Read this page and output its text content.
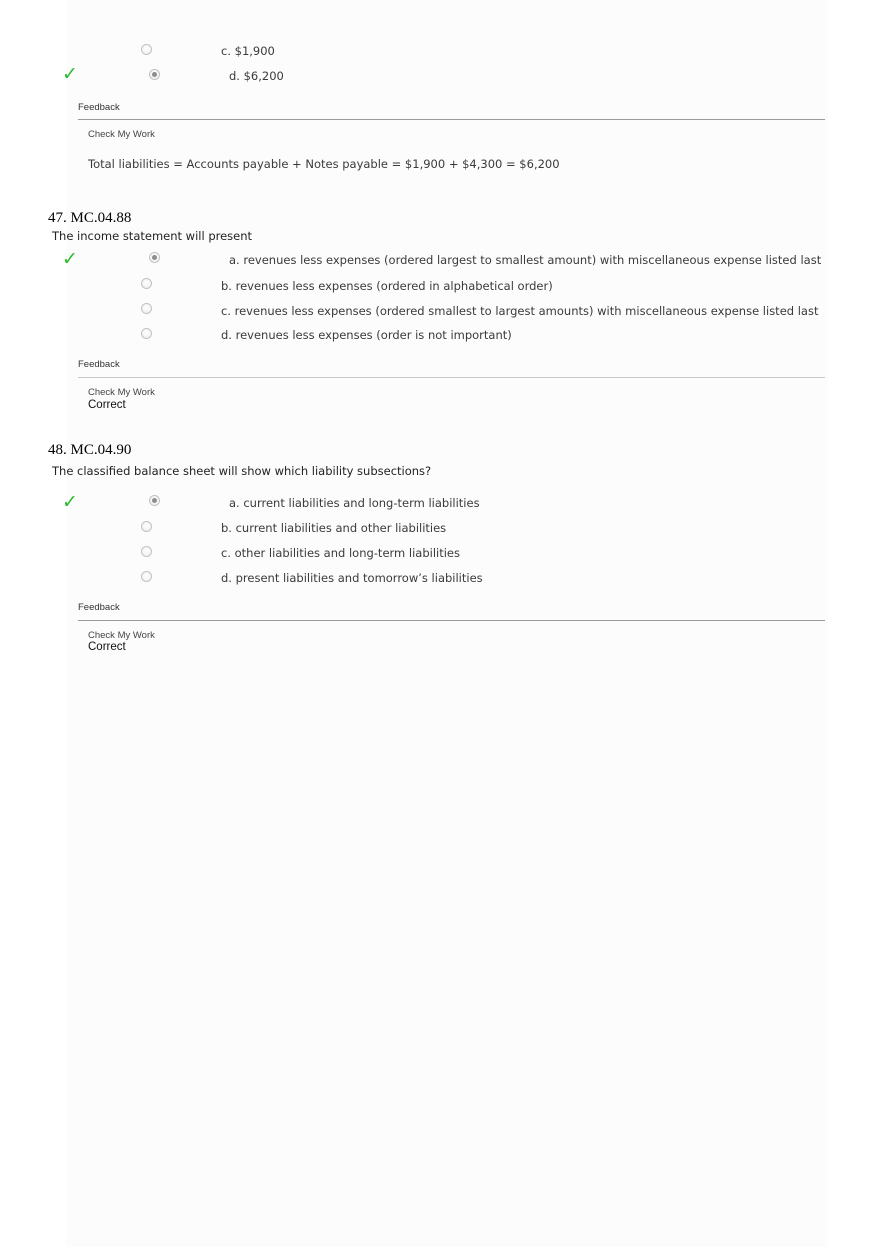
c. $1,900
✓	d. $6,200
Feedback
Check My Work
Total liabilities = Accounts payable + Notes payable = $1,900 + $4,300 = $6,200
47. MC.04.88
The income statement will present
✓	a. revenues less expenses (ordered largest to smallest amount) with miscellaneous expense listed last
b. revenues less expenses (ordered in alphabetical order)
c. revenues less expenses (ordered smallest to largest amounts) with miscellaneous expense listed last
d. revenues less expenses (order is not important)
Feedback
Check My Work
Correct
48. MC.04.90
The classified balance sheet will show which liability subsections?
✓	a. current liabilities and long-term liabilities
b. current liabilities and other liabilities
c. other liabilities and long-term liabilities
d. present liabilities and tomorrow’s liabilities
Feedback
Check My Work
Correct
